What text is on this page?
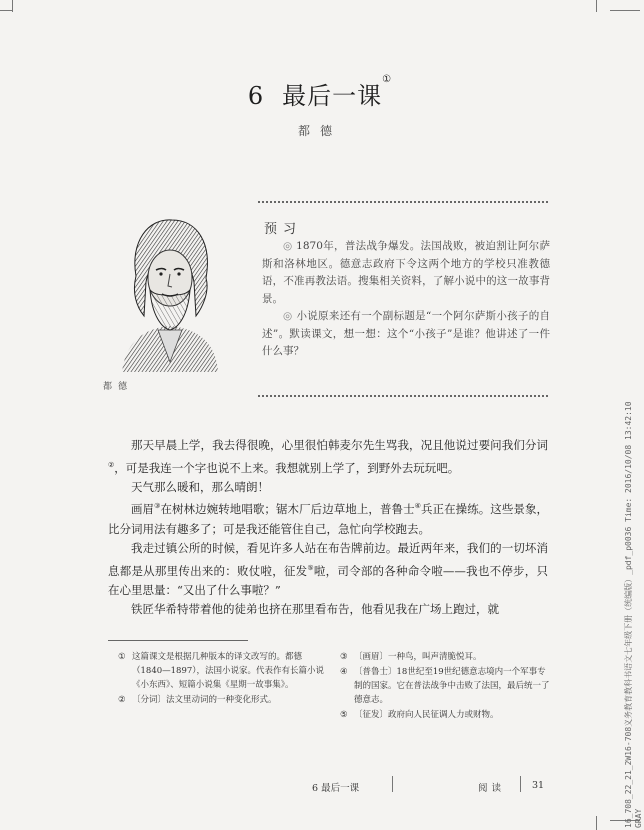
6 最后一课①
都德
都德
预习

◎ 1870年，普法战争爆发。法国战败，被迫割让阿尔萨斯和洛林地区。德意志政府下令这两个地方的学校只准教德语，不准再教法语。搜集相关资料，了解小说中的这一故事背景。

◎ 小说原来还有一个副标题是“一个阿尔萨斯小孩子的自述”。默读课文，想一想：这个“小孩子”是谁？他讲述了一件什么事？

那天早晨上学，我去得很晚，心里很怕韩麦尔先生骂我，况且他说过要问我们分词②，可是我连一个字也说不上来。我想就别上学了，到野外去玩玩吧。

天气那么暖和，那么晴朗！

画眉③在树林边婉转地唱歌；锯木厂后边草地上，普鲁士④兵正在操练。这些景象，比分词用法有趣多了；可是我还能管住自己，急忙向学校跑去。

我走过镇公所的时候，看见许多人站在布告牌前边。最近两年来，我们的一切坏消息都是从那里传出来的：败仗啦，征发⑤啦，司令部的各种命令啦——我也不停步，只在心里思量：“又出了什么事啦？”

铁匠华希特带着他的徒弟也挤在那里看布告，他看见我在广场上跑过，就

① 这篇课文是根据几种版本的译文改写的。都德（1840—1897），法国小说家。代表作有长篇小说《小东西》、短篇小说集《星期一故事集》。
② 〔分词〕法文里动词的一种变化形式。
③ 〔画眉〕一种鸟，叫声清脆悦耳。
④ 〔普鲁士〕18世纪至19世纪德意志境内一个军事专制的国家。它在普法战争中击败了法国，最后统一了德意志。
⑤ 〔征发〕政府向人民征调人力或财物。
6 最后一课	阅读	31	16_708_22_21_2W16-708义务教育教科书语文七年级下册（统编版）_pdf_p0036 Time: 2016/10/08 13:42:10 GRAY
